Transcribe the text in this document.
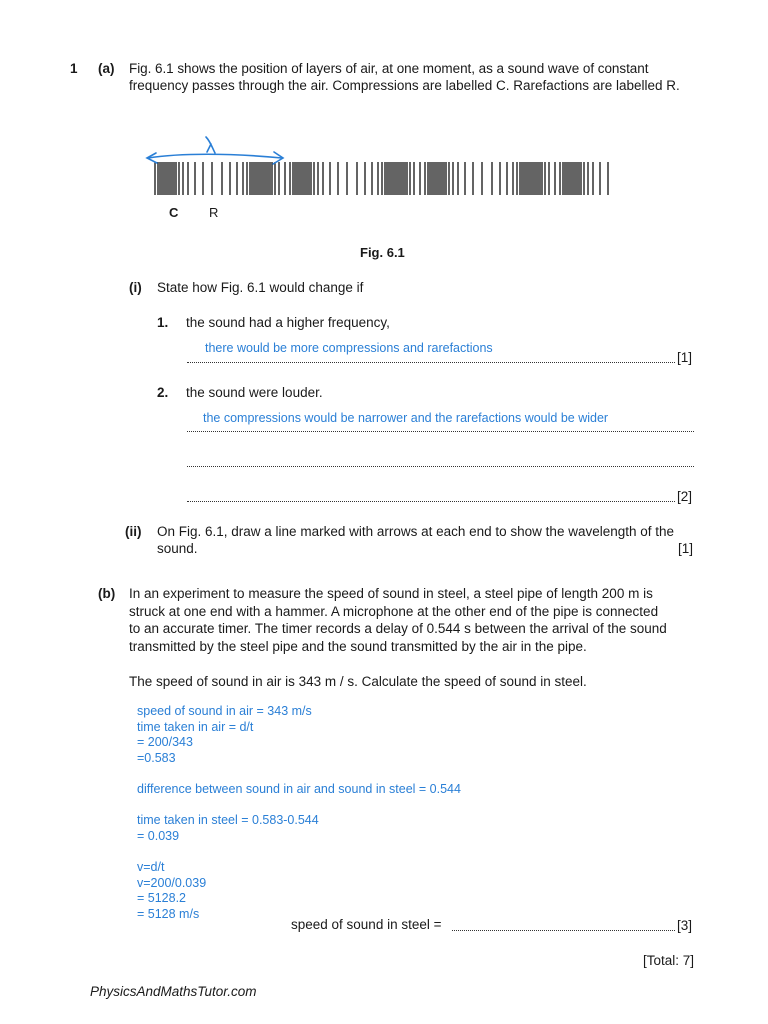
1 (a) Fig. 6.1 shows the position of layers of air, at one moment, as a sound wave of constant
frequency passes through the air. Compressions are labelled C. Rarefactions are labelled R.
C R
Fig. 6.1
(i) State how Fig. 6.1 would change if
1. the sound had a higher frequency,
there would be more compressions and rarefactions
[1]
2. the sound were louder.
the compressions would be narrower and the rarefactions would be wider
[2]
(ii) On Fig. 6.1, draw a line marked with arrows at each end to show the wavelength of the
sound.	[1]
(b) In an experiment to measure the speed of sound in steel, a steel pipe of length 200 m is
struck at one end with a hammer. A microphone at the other end of the pipe is connected
to an accurate timer. The timer records a delay of 0.544 s between the arrival of the sound
transmitted by the steel pipe and the sound transmitted by the air in the pipe.
The speed of sound in air is 343 m / s. Calculate the speed of sound in steel.
speed of sound in air = 343 m/s
time taken in air = d/t
= 200/343
=0.583
difference between sound in air and sound in steel = 0.544
time taken in steel = 0.583-0.544
= 0.039
v=d/t
v=200/0.039
= 5128.2
= 5128 m/s
speed of sound in steel =	[3]
[Total: 7]
PhysicsAndMathsTutor.com
